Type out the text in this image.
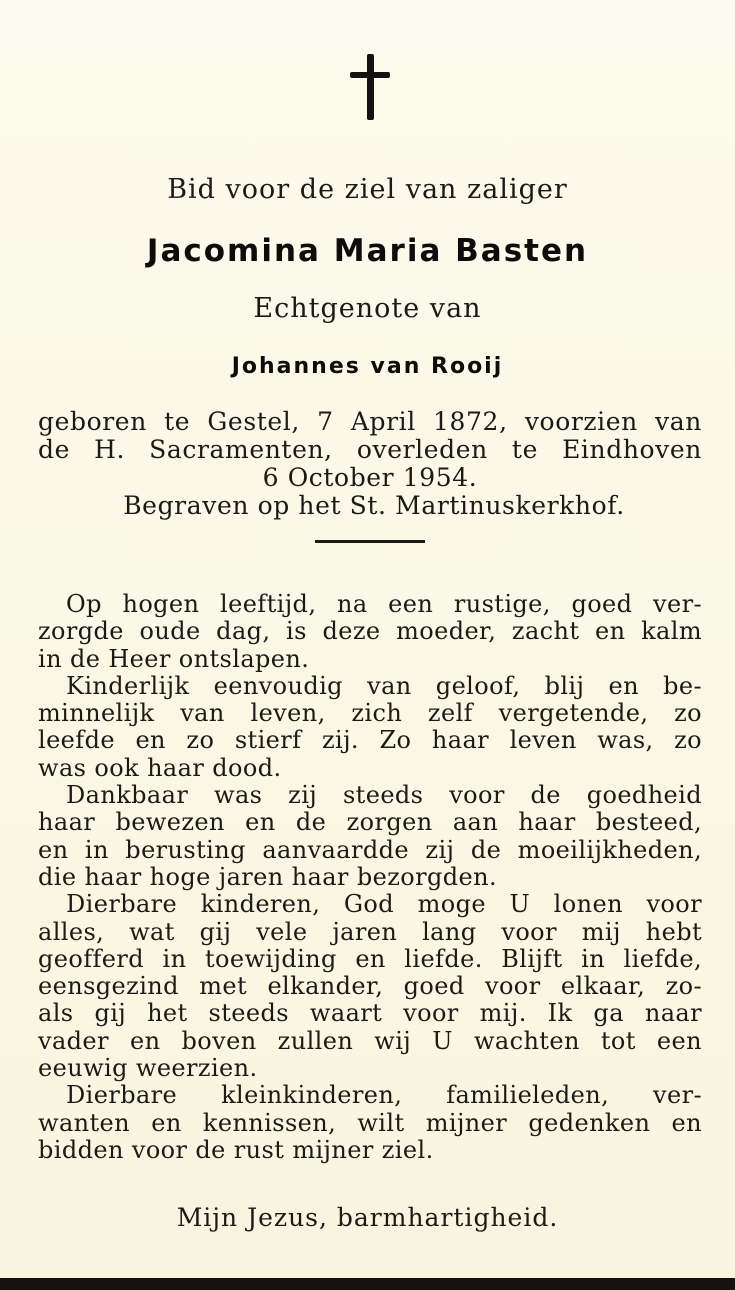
Bid voor de ziel van zaliger
Jacomina Maria Basten
Echtgenote van
Johannes van Rooij
geboren te Gestel, 7 April 1872, voorzien van
de H. Sacramenten, overleden te Eindhoven
6 October 1954.
Begraven op het St. Martinuskerkhof.
Op hogen leeftijd, na een rustige, goed ver-
zorgde oude dag, is deze moeder, zacht en kalm
in de Heer ontslapen.
Kinderlijk eenvoudig van geloof, blij en be-
minnelijk van leven, zich zelf vergetende, zo
leefde en zo stierf zij. Zo haar leven was, zo
was ook haar dood.
Dankbaar was zij steeds voor de goedheid
haar bewezen en de zorgen aan haar besteed,
en in berusting aanvaardde zij de moeilijkheden,
die haar hoge jaren haar bezorgden.
Dierbare kinderen, God moge U lonen voor
alles, wat gij vele jaren lang voor mij hebt
geofferd in toewijding en liefde. Blijft in liefde,
eensgezind met elkander, goed voor elkaar, zo-
als gij het steeds waart voor mij. Ik ga naar
vader en boven zullen wij U wachten tot een
eeuwig weerzien.
Dierbare kleinkinderen, familieleden, ver-
wanten en kennissen, wilt mijner gedenken en
bidden voor de rust mijner ziel.
Mijn Jezus, barmhartigheid.
